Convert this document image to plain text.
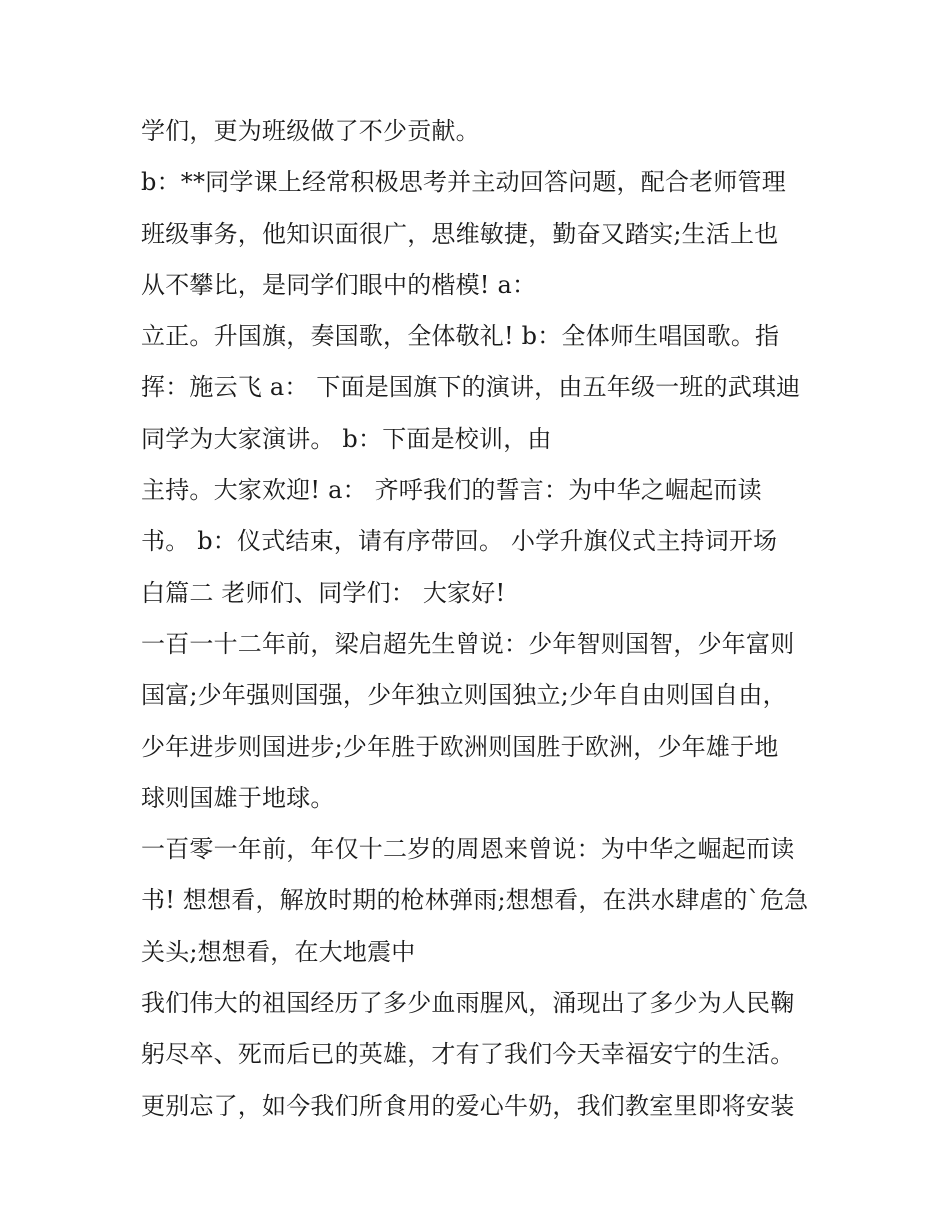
学们，更为班级做了不少贡献。
b：**同学课上经常积极思考并主动回答问题，配合老师管理
班级事务，他知识面很广，思维敏捷，勤奋又踏实;生活上也
从不攀比，是同学们眼中的楷模! a：
立正。升国旗，奏国歌，全体敬礼! b：全体师生唱国歌。指
挥：施云飞 a： 下面是国旗下的演讲，由五年级一班的武琪迪
同学为大家演讲。 b：下面是校训，由
主持。大家欢迎! a： 齐呼我们的誓言：为中华之崛起而读
书。 b：仪式结束，请有序带回。 小学升旗仪式主持词开场
白篇二 老师们、同学们： 大家好!
一百一十二年前，梁启超先生曾说：少年智则国智，少年富则
国富;少年强则国强，少年独立则国独立;少年自由则国自由，
少年进步则国进步;少年胜于欧洲则国胜于欧洲，少年雄于地
球则国雄于地球。
一百零一年前，年仅十二岁的周恩来曾说：为中华之崛起而读
书! 想想看，解放时期的枪林弹雨;想想看，在洪水肆虐的`危急
关头;想想看，在大地震中
我们伟大的祖国经历了多少血雨腥风，涌现出了多少为人民鞠
躬尽卒、死而后已的英雄，才有了我们今天幸福安宁的生活。
更别忘了，如今我们所食用的爱心牛奶，我们教室里即将安装
